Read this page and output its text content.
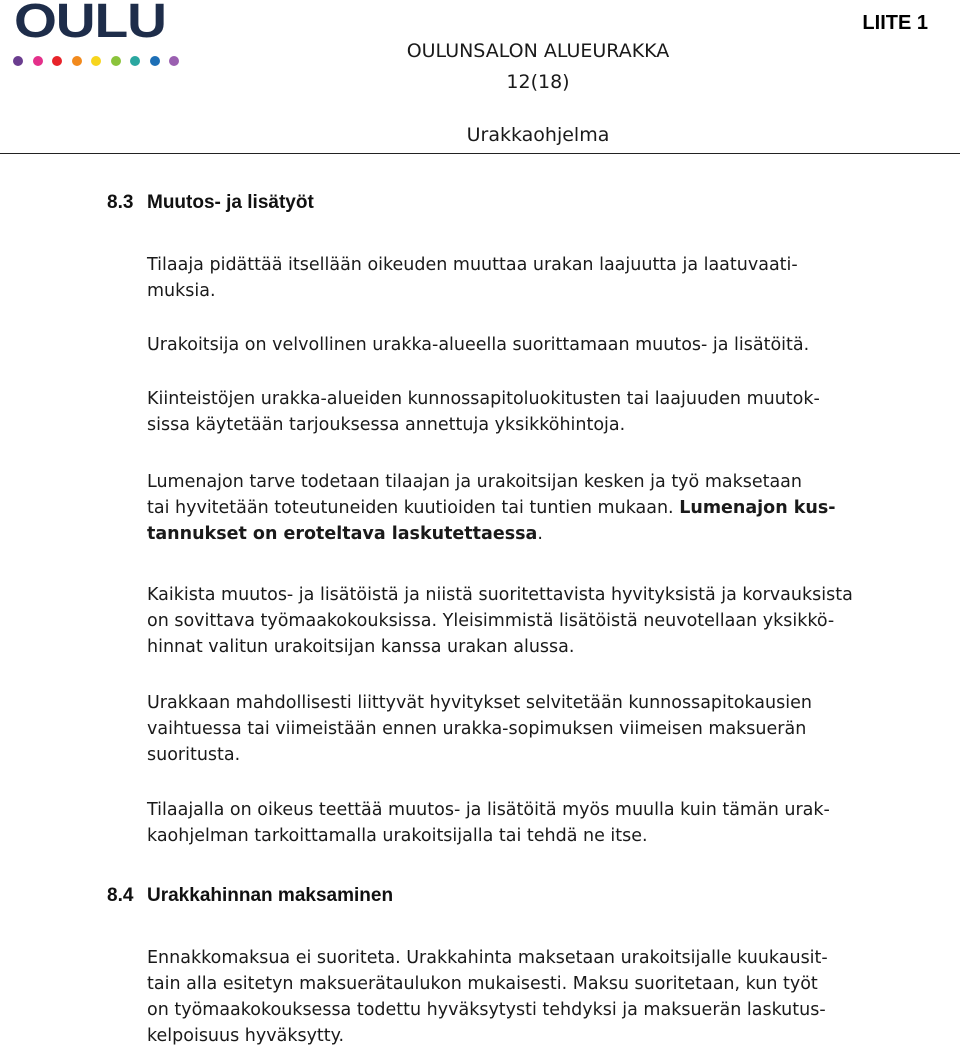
OULU	LIITE 1
OULUNSALON ALUEURAKKA
12(18)
Urakkaohjelma
8.3 Muutos- ja lisätyöt

Tilaaja pidättää itsellään oikeuden muuttaa urakan laajuutta ja laatuvaati-
muksia.

Urakoitsija on velvollinen urakka-alueella suorittamaan muutos- ja lisätöitä.

Kiinteistöjen urakka-alueiden kunnossapitoluokitusten tai laajuuden muutok-
sissa käytetään tarjouksessa annettuja yksikköhintoja.

Lumenajon tarve todetaan tilaajan ja urakoitsijan kesken ja työ maksetaan
tai hyvitetään toteutuneiden kuutioiden tai tuntien mukaan. Lumenajon kus-
tannukset on eroteltava laskutettaessa.

Kaikista muutos- ja lisätöistä ja niistä suoritettavista hyvityksistä ja korvauksista
on sovittava työmaakokouksissa. Yleisimmistä lisätöistä neuvotellaan yksikkö-
hinnat valitun urakoitsijan kanssa urakan alussa.

Urakkaan mahdollisesti liittyvät hyvitykset selvitetään kunnossapitokausien
vaihtuessa tai viimeistään ennen urakka-sopimuksen viimeisen maksuerän
suoritusta.

Tilaajalla on oikeus teettää muutos- ja lisätöitä myös muulla kuin tämän urak-
kaohjelman tarkoittamalla urakoitsijalla tai tehdä ne itse.

8.4 Urakkahinnan maksaminen

Ennakkomaksua ei suoriteta. Urakkahinta maksetaan urakoitsijalle kuukausit-
tain alla esitetyn maksuerätaulukon mukaisesti. Maksu suoritetaan, kun työt
on työmaakokouksessa todettu hyväksytysti tehdyksi ja maksuerän laskutus-
kelpoisuus hyväksytty.
